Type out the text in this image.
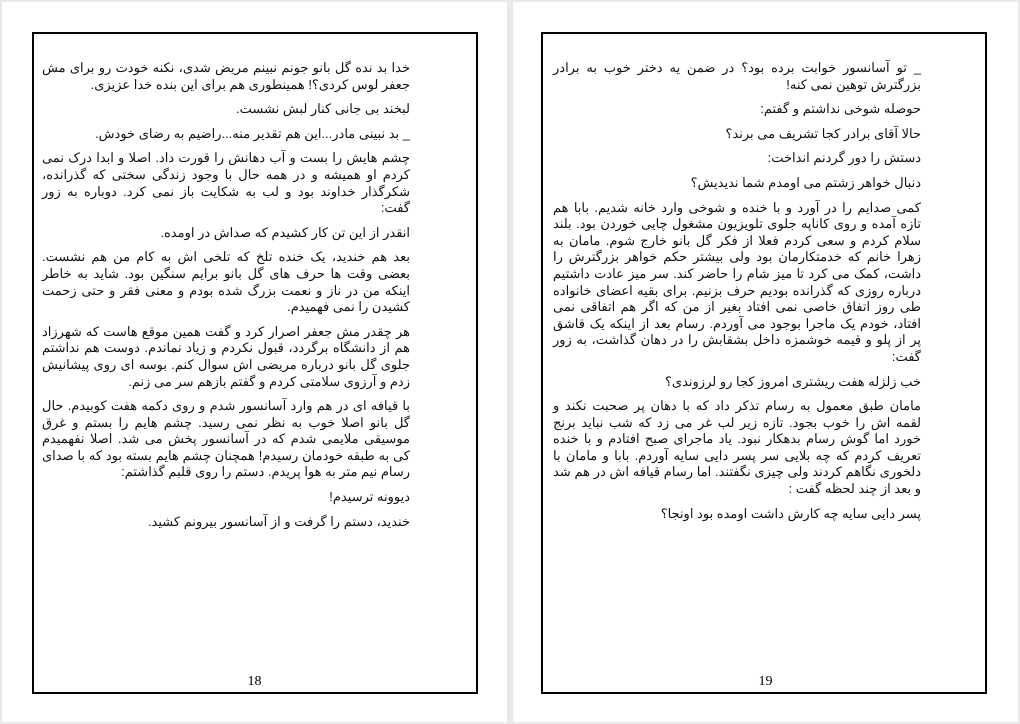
خدا بد نده گل بانو جونم نبینم مریض شدی، نکنه خودت رو برای مش جعفر لوس کردی؟! همینطوری هم برای این بنده خدا عزیزی.

لبخند بی جانی کنار لبش نشست.

_ بد نبینی مادر...این هم تقدیر منه...راضیم به رضای خودش.

چشم هایش را بست و آب دهانش را قورت داد. اصلا و ابدا درک نمی کردم او همیشه و در همه حال با وجود زندگی سختی که گذرانده، شکرگذار خداوند بود و لب به شکایت باز نمی کرد. دوباره به زور گفت:

انقدر از این تن کار کشیدم که صداش در اومده.

بعد هم خندید، یک خنده تلخ که تلخی اش به کام من هم نشست. بعضی وقت ها حرف های گل بانو برایم سنگین بود. شاید به خاطر اینکه من در ناز و نعمت بزرگ شده بودم و معنی فقر و حتی زحمت کشیدن را نمی فهمیدم.

هر چقدر مش جعفر اصرار کرد و گفت همین موقع هاست که شهرزاد هم از دانشگاه برگردد، قبول نکردم و زیاد نماندم. دوست هم نداشتم جلوی گل بانو درباره مریضی اش سوال کنم. بوسه ای روی پیشانیش زدم و آرزوی سلامتی کردم و گفتم بازهم سر می زنم.

با قیافه ای در هم وارد آسانسور شدم و روی دکمه هفت کوبیدم. حال گل بانو اصلا خوب به نظر نمی رسید. چشم هایم را بستم و غرق موسیقی ملایمی شدم که در آسانسور پخش می شد. اصلا نفهمیدم کی به طبقه خودمان رسیدم! همچنان چشم هایم بسته بود که با صدای رسام نیم متر به هوا پریدم. دستم را روی قلبم گذاشتم:

دیوونه ترسیدم!

خندید، دستم را گرفت و از آسانسور بیرونم کشید.

18

_ تو آسانسور خوابت برده بود؟ در ضمن یه دختر خوب به برادر بزرگترش توهین نمی کنه!

حوصله شوخی نداشتم و گفتم:

حالا آقای برادر کجا تشریف می برند؟

دستش را دور گردنم انداخت:

دنبال خواهر زشتم می اومدم شما ندیدیش؟

کمی صدایم را در آورد و با خنده و شوخی وارد خانه شدیم. بابا هم تازه آمده و روی کاناپه جلوی تلویزیون مشغول چایی خوردن بود. بلند سلام کردم و سعی کردم فعلا از فکر گل بانو خارج شوم. مامان به زهرا خانم که خدمتکارمان بود ولی بیشتر حکم خواهر بزرگترش را داشت، کمک می کرد تا میز شام را حاضر کند. سر میز عادت داشتیم درباره روزی که گذرانده بودیم حرف بزنیم. برای بقیه اعضای خانواده طی روز اتفاق خاصی نمی افتاد بغیر از من که اگر هم اتفاقی نمی افتاد، خودم یک ماجرا بوجود می آوردم. رسام بعد از اینکه یک قاشق پر از پلو و قیمه خوشمزه داخل بشقابش را در دهان گذاشت، به زور گفت:

خب زلزله هفت ریشتری امروز کجا رو لرزوندی؟

مامان طبق معمول به رسام تذکر داد که با دهان پر صحبت نکند و لقمه اش را خوب بجود. تازه زیر لب غر می زد که شب نباید برنج خورد اما گوش رسام بدهکار نبود. یاد ماجرای صبح افتادم و با خنده تعریف کردم که چه بلایی سر پسر دایی سایه آوردم. بابا و مامان با دلخوری نگاهم کردند ولی چیزی نگفتند. اما رسام قیافه اش در هم شد و بعد از چند لحظه گفت :

پسر دایی سایه چه کارش داشت اومده بود اونجا؟

19
